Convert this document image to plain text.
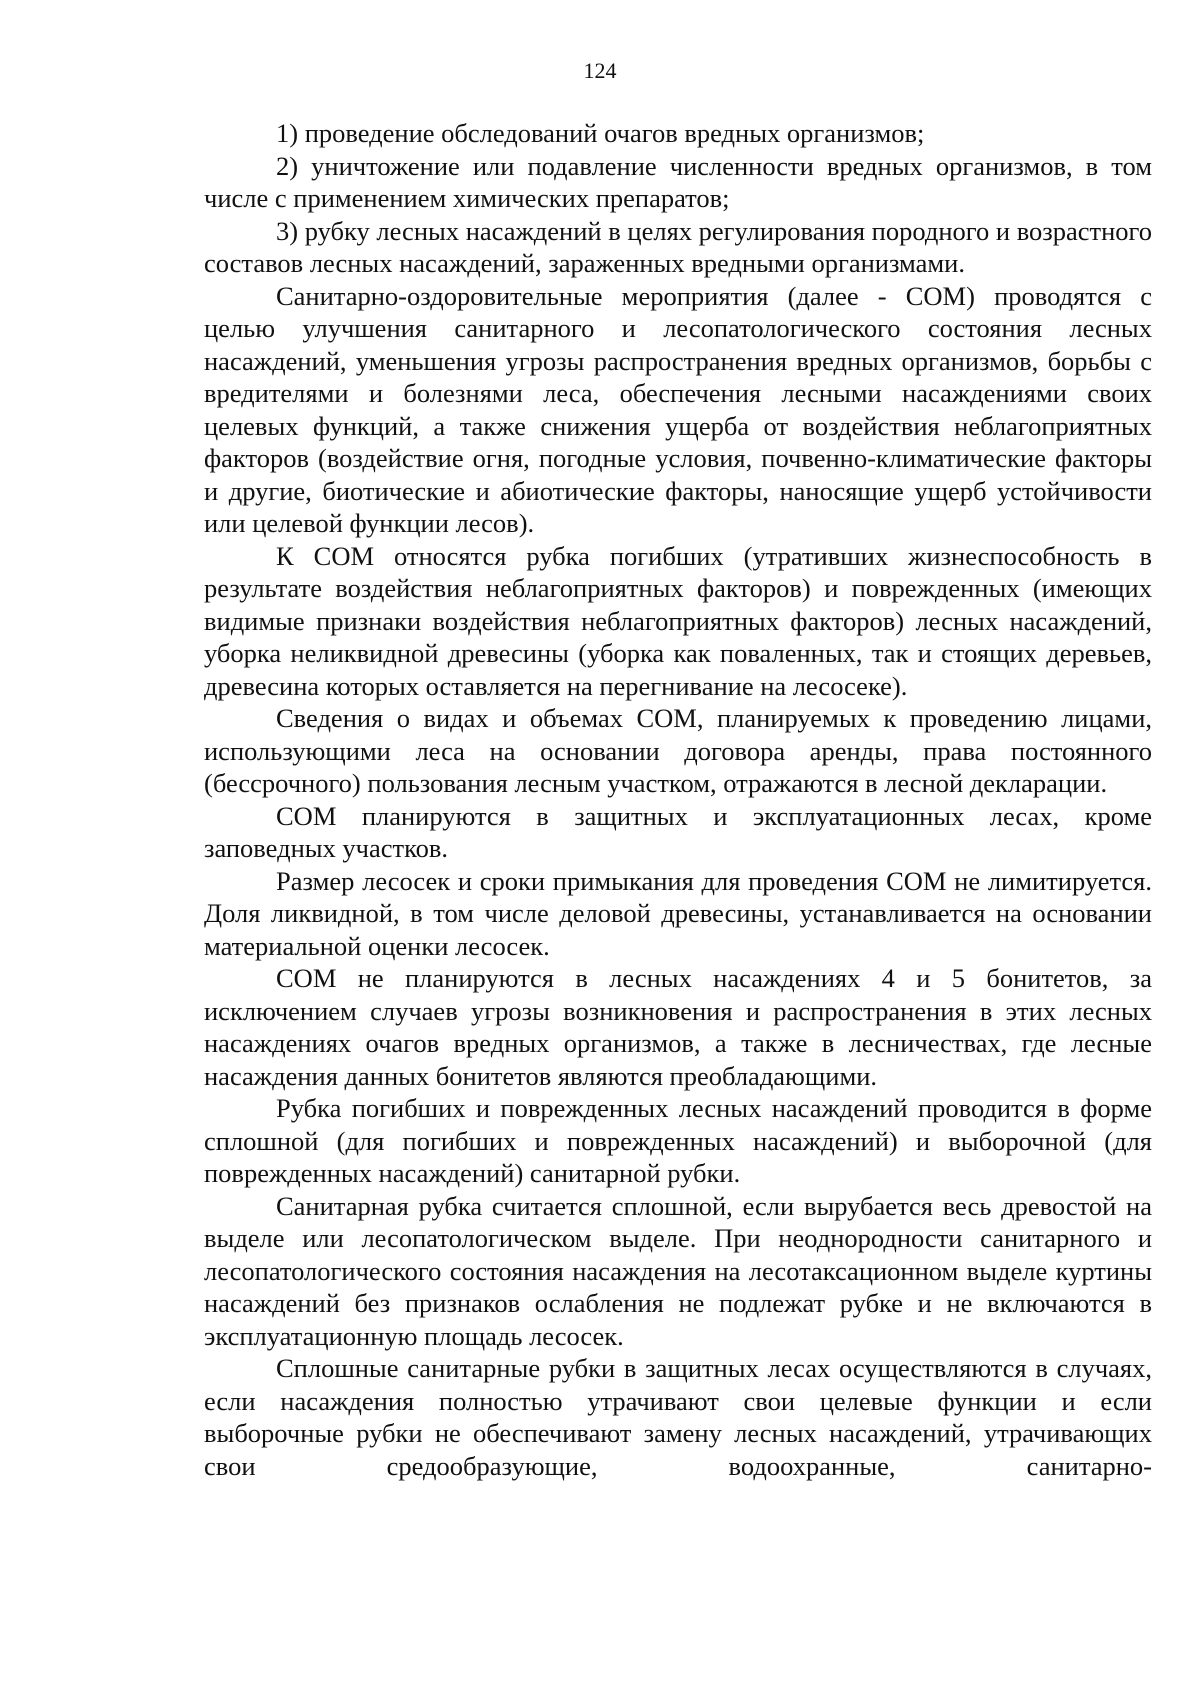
124

1) проведение обследований очагов вредных организмов;

2) уничтожение или подавление численности вредных организмов, в том числе с применением химических препаратов;

3) рубку лесных насаждений в целях регулирования породного и возрастного составов лесных насаждений, зараженных вредными организмами.

Санитарно-оздоровительные мероприятия (далее - СОМ) проводятся с целью улучшения санитарного и лесопатологического состояния лесных насаждений, уменьшения угрозы распространения вредных организмов, борьбы с вредителями и болезнями леса, обеспечения лесными насаждениями своих целевых функций, а также снижения ущерба от воздействия неблагоприятных факторов (воздействие огня, погодные условия, почвенно-климатические факторы и другие, биотические и абиотические факторы, наносящие ущерб устойчивости или целевой функции лесов).

К СОМ относятся рубка погибших (утративших жизнеспособность в результате воздействия неблагоприятных факторов) и поврежденных (имеющих видимые признаки воздействия неблагоприятных факторов) лесных насаждений, уборка неликвидной древесины (уборка как поваленных, так и стоящих деревьев, древесина которых оставляется на перегнивание на лесосеке).

Сведения о видах и объемах СОМ, планируемых к проведению лицами, использующими леса на основании договора аренды, права постоянного (бессрочного) пользования лесным участком, отражаются в лесной декларации.

СОМ планируются в защитных и эксплуатационных лесах, кроме заповедных участков.

Размер лесосек и сроки примыкания для проведения СОМ не лимитируется. Доля ликвидной, в том числе деловой древесины, устанавливается на основании материальной оценки лесосек.

СОМ не планируются в лесных насаждениях 4 и 5 бонитетов, за исключением случаев угрозы возникновения и распространения в этих лесных насаждениях очагов вредных организмов, а также в лесничествах, где лесные насаждения данных бонитетов являются преобладающими.

Рубка погибших и поврежденных лесных насаждений проводится в форме сплошной (для погибших и поврежденных насаждений) и выборочной (для поврежденных насаждений) санитарной рубки.

Санитарная рубка считается сплошной, если вырубается весь древостой на выделе или лесопатологическом выделе. При неоднородности санитарного и лесопатологического состояния насаждения на лесотаксационном выделе куртины насаждений без признаков ослабления не подлежат рубке и не включаются в эксплуатационную площадь лесосек.

Сплошные санитарные рубки в защитных лесах осуществляются в случаях, если насаждения полностью утрачивают свои целевые функции и если выборочные рубки не обеспечивают замену лесных насаждений, утрачивающих свои средообразующие, водоохранные, санитарно-
